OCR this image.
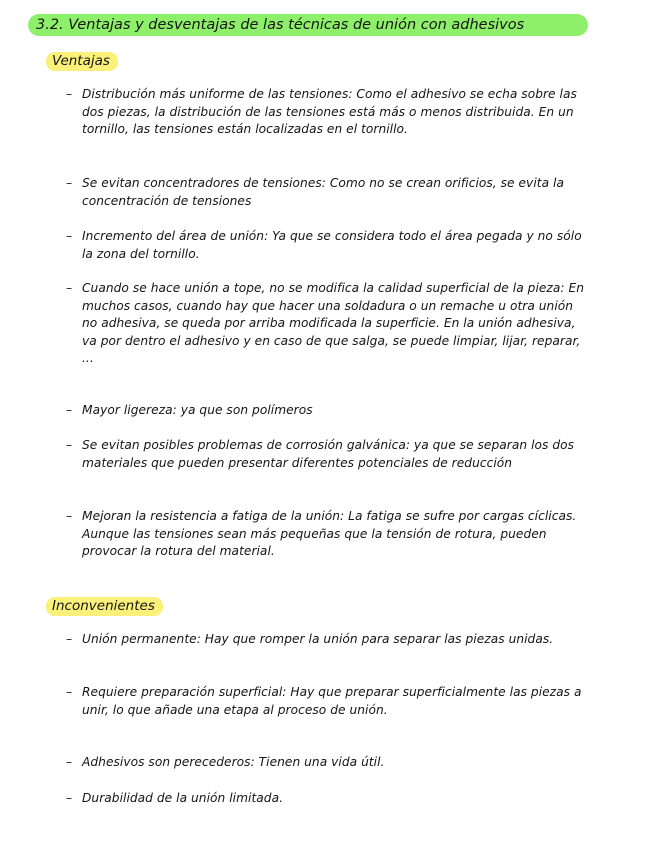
3.2. Ventajas y desventajas de las técnicas de unión con adhesivos
Ventajas
– Distribución más uniforme de las tensiones: Como el adhesivo se echa sobre las dos piezas, la distribución de las tensiones está más o menos distribuida. En un tornillo, las tensiones están localizadas en el tornillo.
– Se evitan concentradores de tensiones: Como no se crean orificios, se evita la concentración de tensiones
– Incremento del área de unión: Ya que se considera todo el área pegada y no sólo la zona del tornillo.
– Cuando se hace unión a tope, no se modifica la calidad superficial de la pieza: En muchos casos, cuando hay que hacer una soldadura o un remache u otra unión no adhesiva, se queda por arriba modificada la superficie. En la unión adhesiva, va por dentro el adhesivo y en caso de que salga, se puede limpiar, lijar, reparar, ...
– Mayor ligereza: ya que son polímeros
– Se evitan posibles problemas de corrosión galvánica: ya que se separan los dos materiales que pueden presentar diferentes potenciales de reducción
– Mejoran la resistencia a fatiga de la unión: La fatiga se sufre por cargas cíclicas. Aunque las tensiones sean más pequeñas que la tensión de rotura, pueden provocar la rotura del material.
Inconvenientes
– Unión permanente: Hay que romper la unión para separar las piezas unidas.
– Requiere preparación superficial: Hay que preparar superficialmente las piezas a unir, lo que añade una etapa al proceso de unión.
– Adhesivos son perecederos: Tienen una vida útil.
– Durabilidad de la unión limitada.
